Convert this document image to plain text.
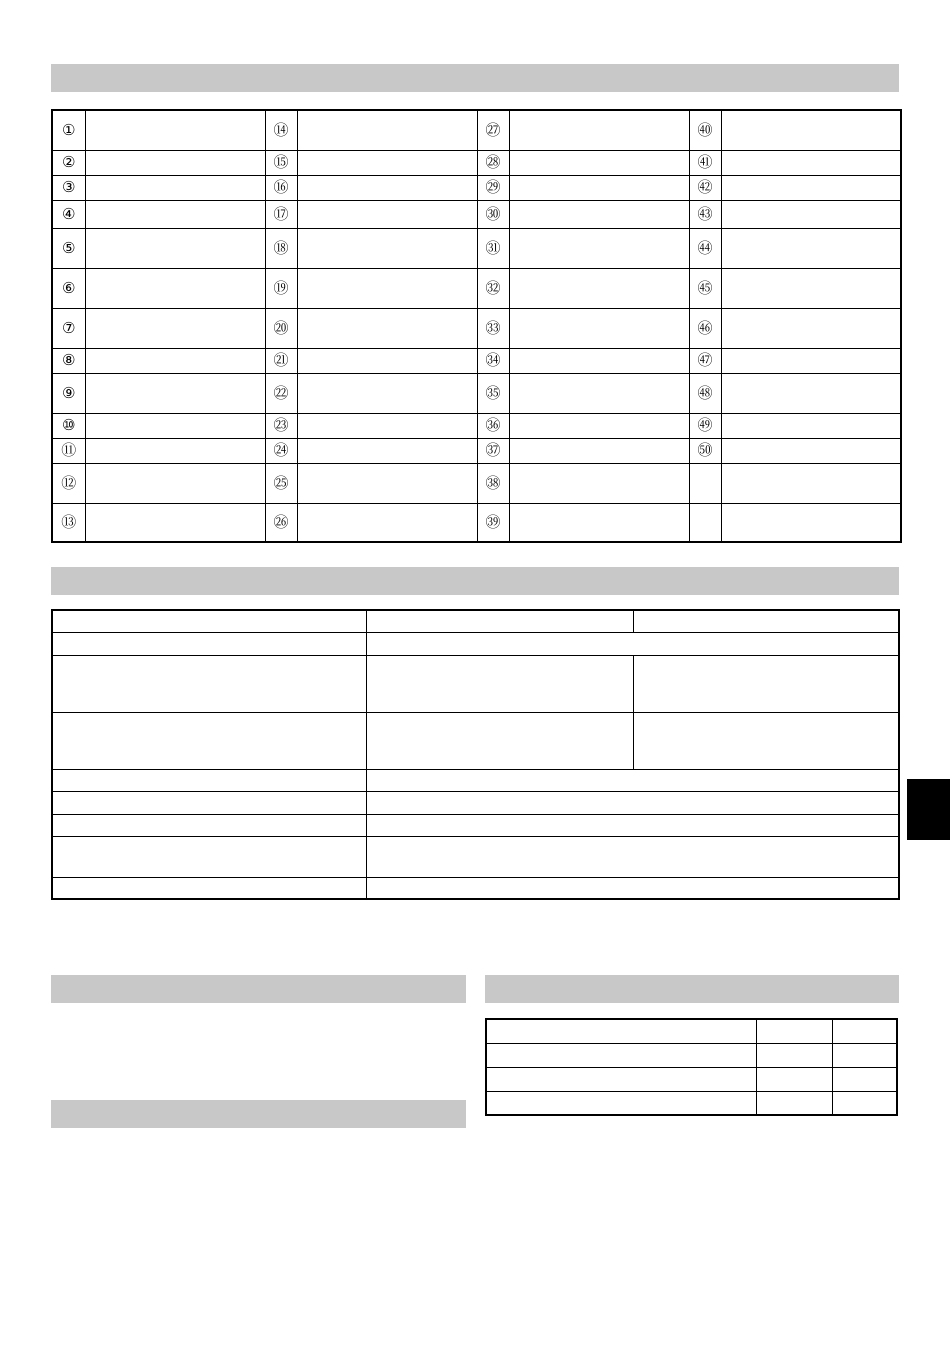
①		⑭		㉗		㊵	
②		⑮		㉘		㊶	
③		⑯		㉙		㊷	
④		⑰		㉚		㊸	
⑤		⑱		㉛		㊹	
⑥		⑲		㉜		㊺	
⑦		⑳		㉝		㊻	
⑧		㉑		㉞		㊼	
⑨		㉒		㉟		㊽	
⑩		㉓		㊱		㊾	
⑪		㉔		㊲		㊿	
⑫		㉕		㊳			
⑬		㉖		㊴			
